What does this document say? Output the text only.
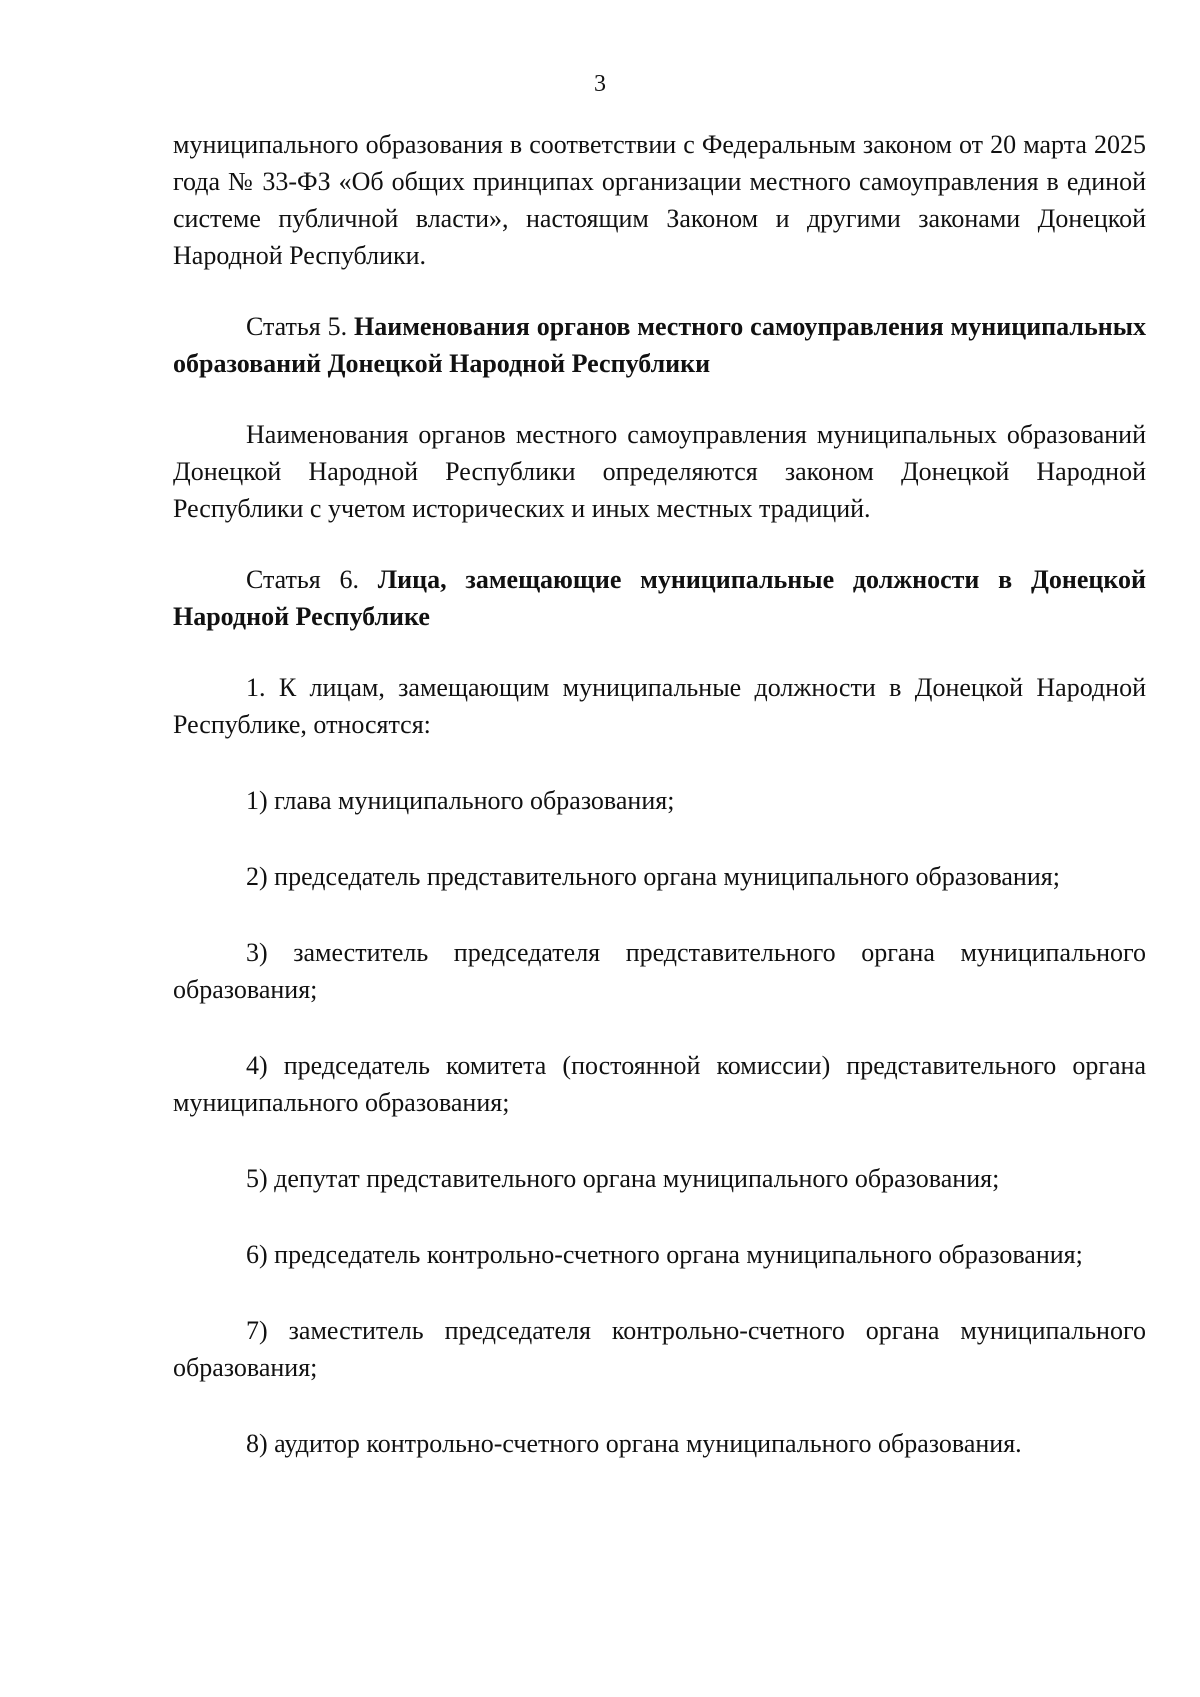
3

муниципального образования в соответствии с Федеральным законом от 20 марта 2025 года № 33-ФЗ «Об общих принципах организации местного самоуправления в единой системе публичной власти», настоящим Законом и другими законами Донецкой Народной Республики.

Статья 5. Наименования органов местного самоуправления муниципальных образований Донецкой Народной Республики

Наименования органов местного самоуправления муниципальных образований Донецкой Народной Республики определяются законом Донецкой Народной Республики с учетом исторических и иных местных традиций.

Статья 6. Лица, замещающие муниципальные должности в Донецкой Народной Республике

1. К лицам, замещающим муниципальные должности в Донецкой Народной Республике, относятся:

1) глава муниципального образования;

2) председатель представительного органа муниципального образования;

3) заместитель председателя представительного органа муниципального образования;

4) председатель комитета (постоянной комиссии) представительного органа муниципального образования;

5) депутат представительного органа муниципального образования;

6) председатель контрольно-счетного органа муниципального образования;

7) заместитель председателя контрольно-счетного органа муниципального образования;

8) аудитор контрольно-счетного органа муниципального образования.
